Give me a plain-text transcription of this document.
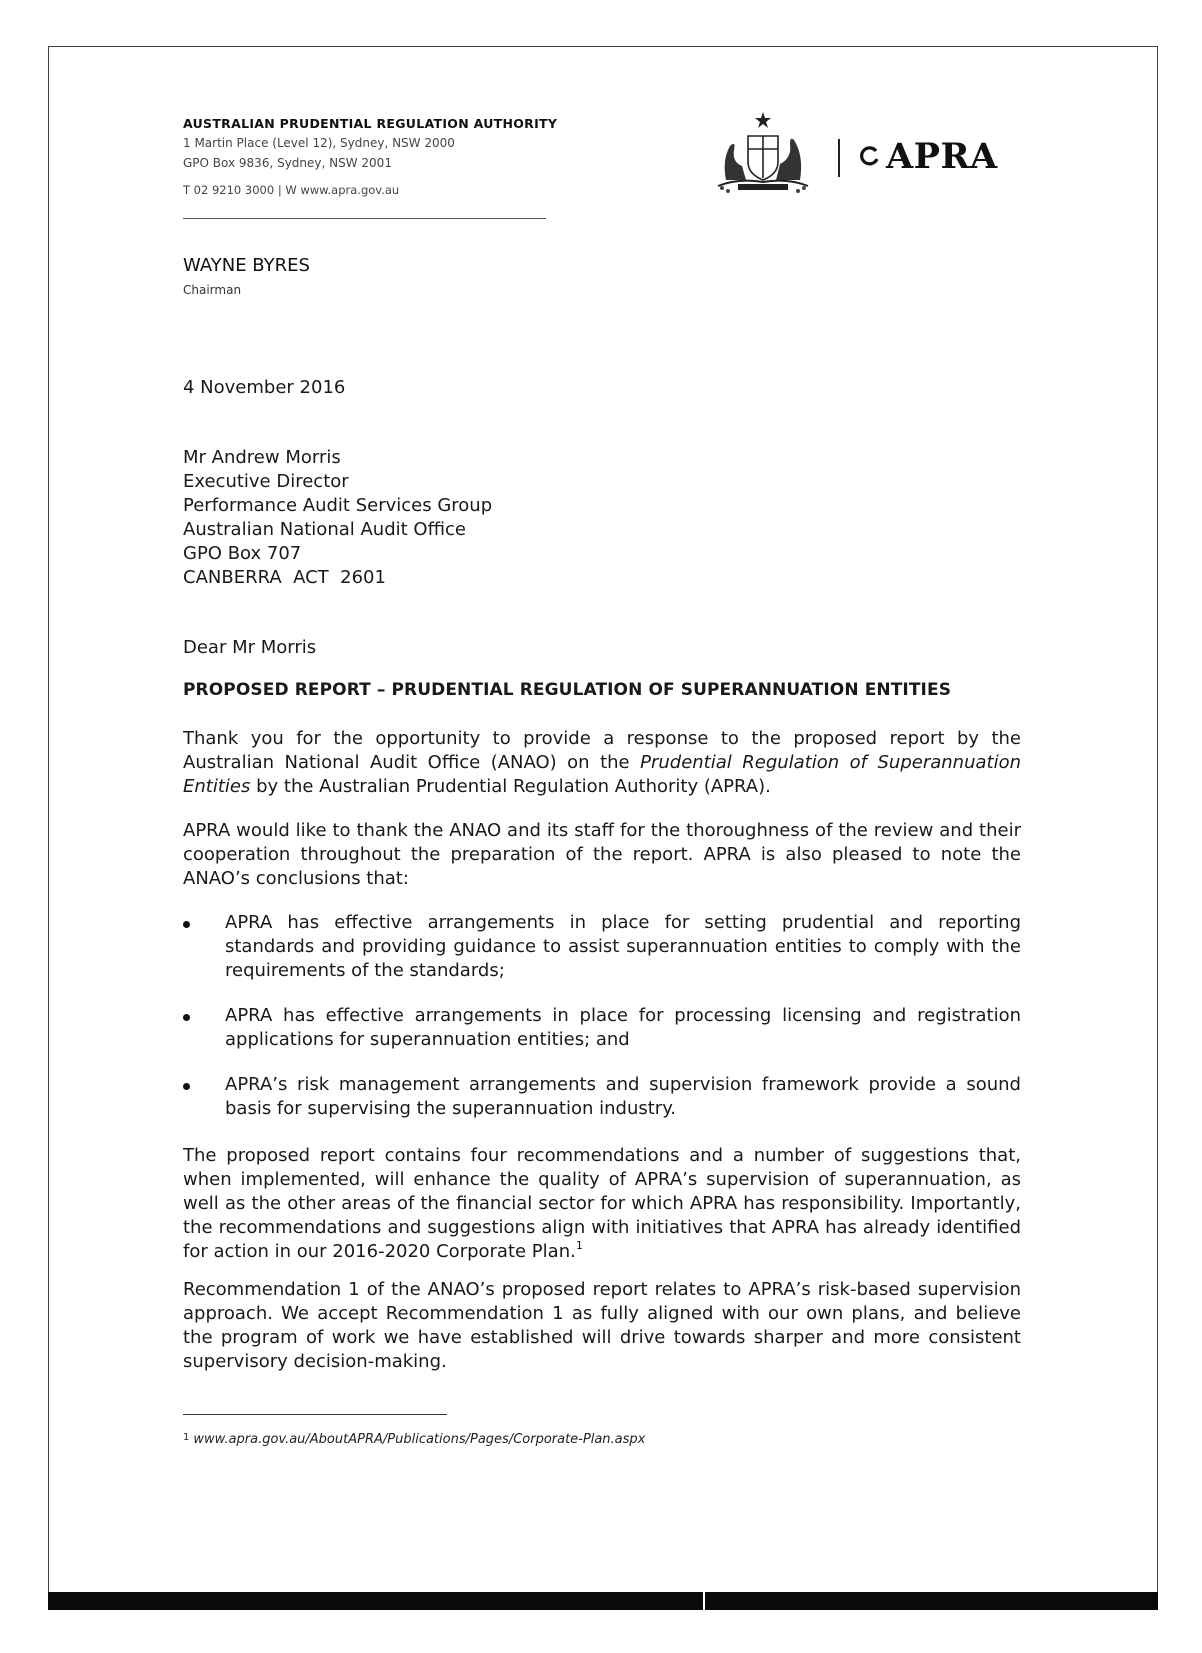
AUSTRALIAN PRUDENTIAL REGULATION AUTHORITY
1 Martin Place (Level 12), Sydney, NSW 2000
GPO Box 9836, Sydney, NSW 2001
T 02 9210 3000 | W www.apra.gov.au
APRA
WAYNE BYRES
Chairman
4 November 2016
Mr Andrew Morris
Executive Director
Performance Audit Services Group
Australian National Audit Office
GPO Box 707
CANBERRA  ACT  2601
Dear Mr Morris
PROPOSED REPORT – PRUDENTIAL REGULATION OF SUPERANNUATION ENTITIES

Thank you for the opportunity to provide a response to the proposed report by the Australian National Audit Office (ANAO) on the Prudential Regulation of Superannuation Entities by the Australian Prudential Regulation Authority (APRA).

APRA would like to thank the ANAO and its staff for the thoroughness of the review and their cooperation throughout the preparation of the report. APRA is also pleased to note the ANAO’s conclusions that:

APRA has effective arrangements in place for setting prudential and reporting standards and providing guidance to assist superannuation entities to comply with the requirements of the standards;
APRA has effective arrangements in place for processing licensing and registration applications for superannuation entities; and
APRA’s risk management arrangements and supervision framework provide a sound basis for supervising the superannuation industry.

The proposed report contains four recommendations and a number of suggestions that, when implemented, will enhance the quality of APRA’s supervision of superannuation, as well as the other areas of the financial sector for which APRA has responsibility. Importantly, the recommendations and suggestions align with initiatives that APRA has already identified for action in our 2016-2020 Corporate Plan.$^1$

Recommendation 1 of the ANAO’s proposed report relates to APRA’s risk-based supervision approach. We accept Recommendation 1 as fully aligned with our own plans, and believe the program of work we have established will drive towards sharper and more consistent supervisory decision-making.

$^1$ www.apra.gov.au/AboutAPRA/Publications/Pages/Corporate-Plan.aspx
